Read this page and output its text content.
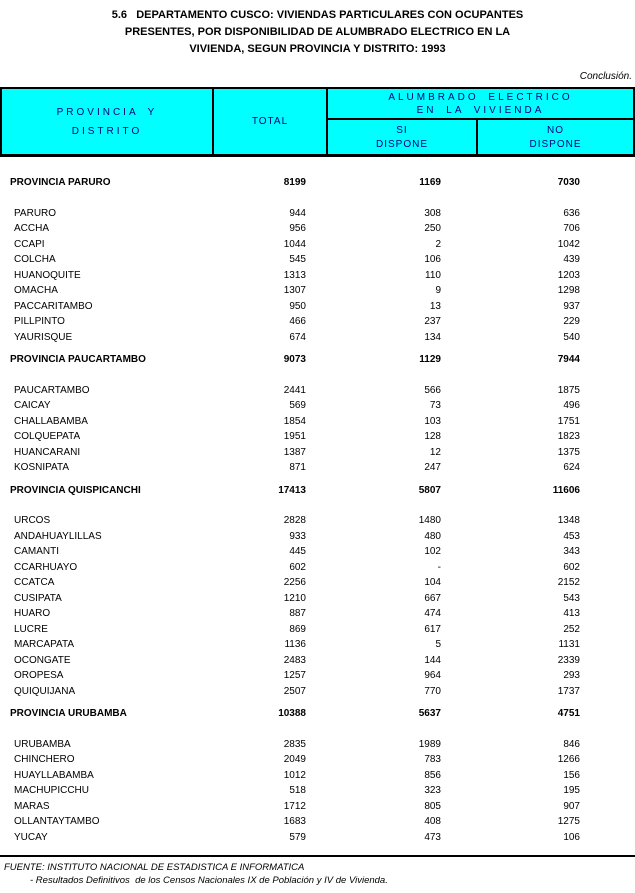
5.6   DEPARTAMENTO CUSCO: VIVIENDAS PARTICULARES CON OCUPANTES
PRESENTES, POR DISPONIBILIDAD DE ALUMBRADO ELECTRICO EN LA
VIVIENDA, SEGUN PROVINCIA Y DISTRITO: 1993
Conclusión.
PROVINCIA Y
DISTRITO
TOTAL
ALUMBRADO ELECTRICO
EN LA VIVIENDA
SI
DISPONE
NO
DISPONE
PROVINCIA PARURO	8199	1169	7030
PARURO	944	308	636
ACCHA	956	250	706
CCAPI	1044	2	1042
COLCHA	545	106	439
HUANOQUITE	1313	110	1203
OMACHA	1307	9	1298
PACCARITAMBO	950	13	937
PILLPINTO	466	237	229
YAURISQUE	674	134	540
PROVINCIA PAUCARTAMBO	9073	1129	7944
PAUCARTAMBO	2441	566	1875
CAICAY	569	73	496
CHALLABAMBA	1854	103	1751
COLQUEPATA	1951	128	1823
HUANCARANI	1387	12	1375
KOSÑIPATA	871	247	624
PROVINCIA QUISPICANCHI	17413	5807	11606
URCOS	2828	1480	1348
ANDAHUAYLILLAS	933	480	453
CAMANTI	445	102	343
CCARHUAYO	602	-	602
CCATCA	2256	104	2152
CUSIPATA	1210	667	543
HUARO	887	474	413
LUCRE	869	617	252
MARCAPATA	1136	5	1131
OCONGATE	2483	144	2339
OROPESA	1257	964	293
QUIQUIJANA	2507	770	1737
PROVINCIA URUBAMBA	10388	5637	4751
URUBAMBA	2835	1989	846
CHINCHERO	2049	783	1266
HUAYLLABAMBA	1012	856	156
MACHUPICCHU	518	323	195
MARAS	1712	805	907
OLLANTAYTAMBO	1683	408	1275
YUCAY	579	473	106
FUENTE: INSTITUTO NACIONAL DE ESTADISTICA E INFORMATICA
- Resultados Definitivos  de los Censos Nacionales IX de Población y IV de Vivienda.
